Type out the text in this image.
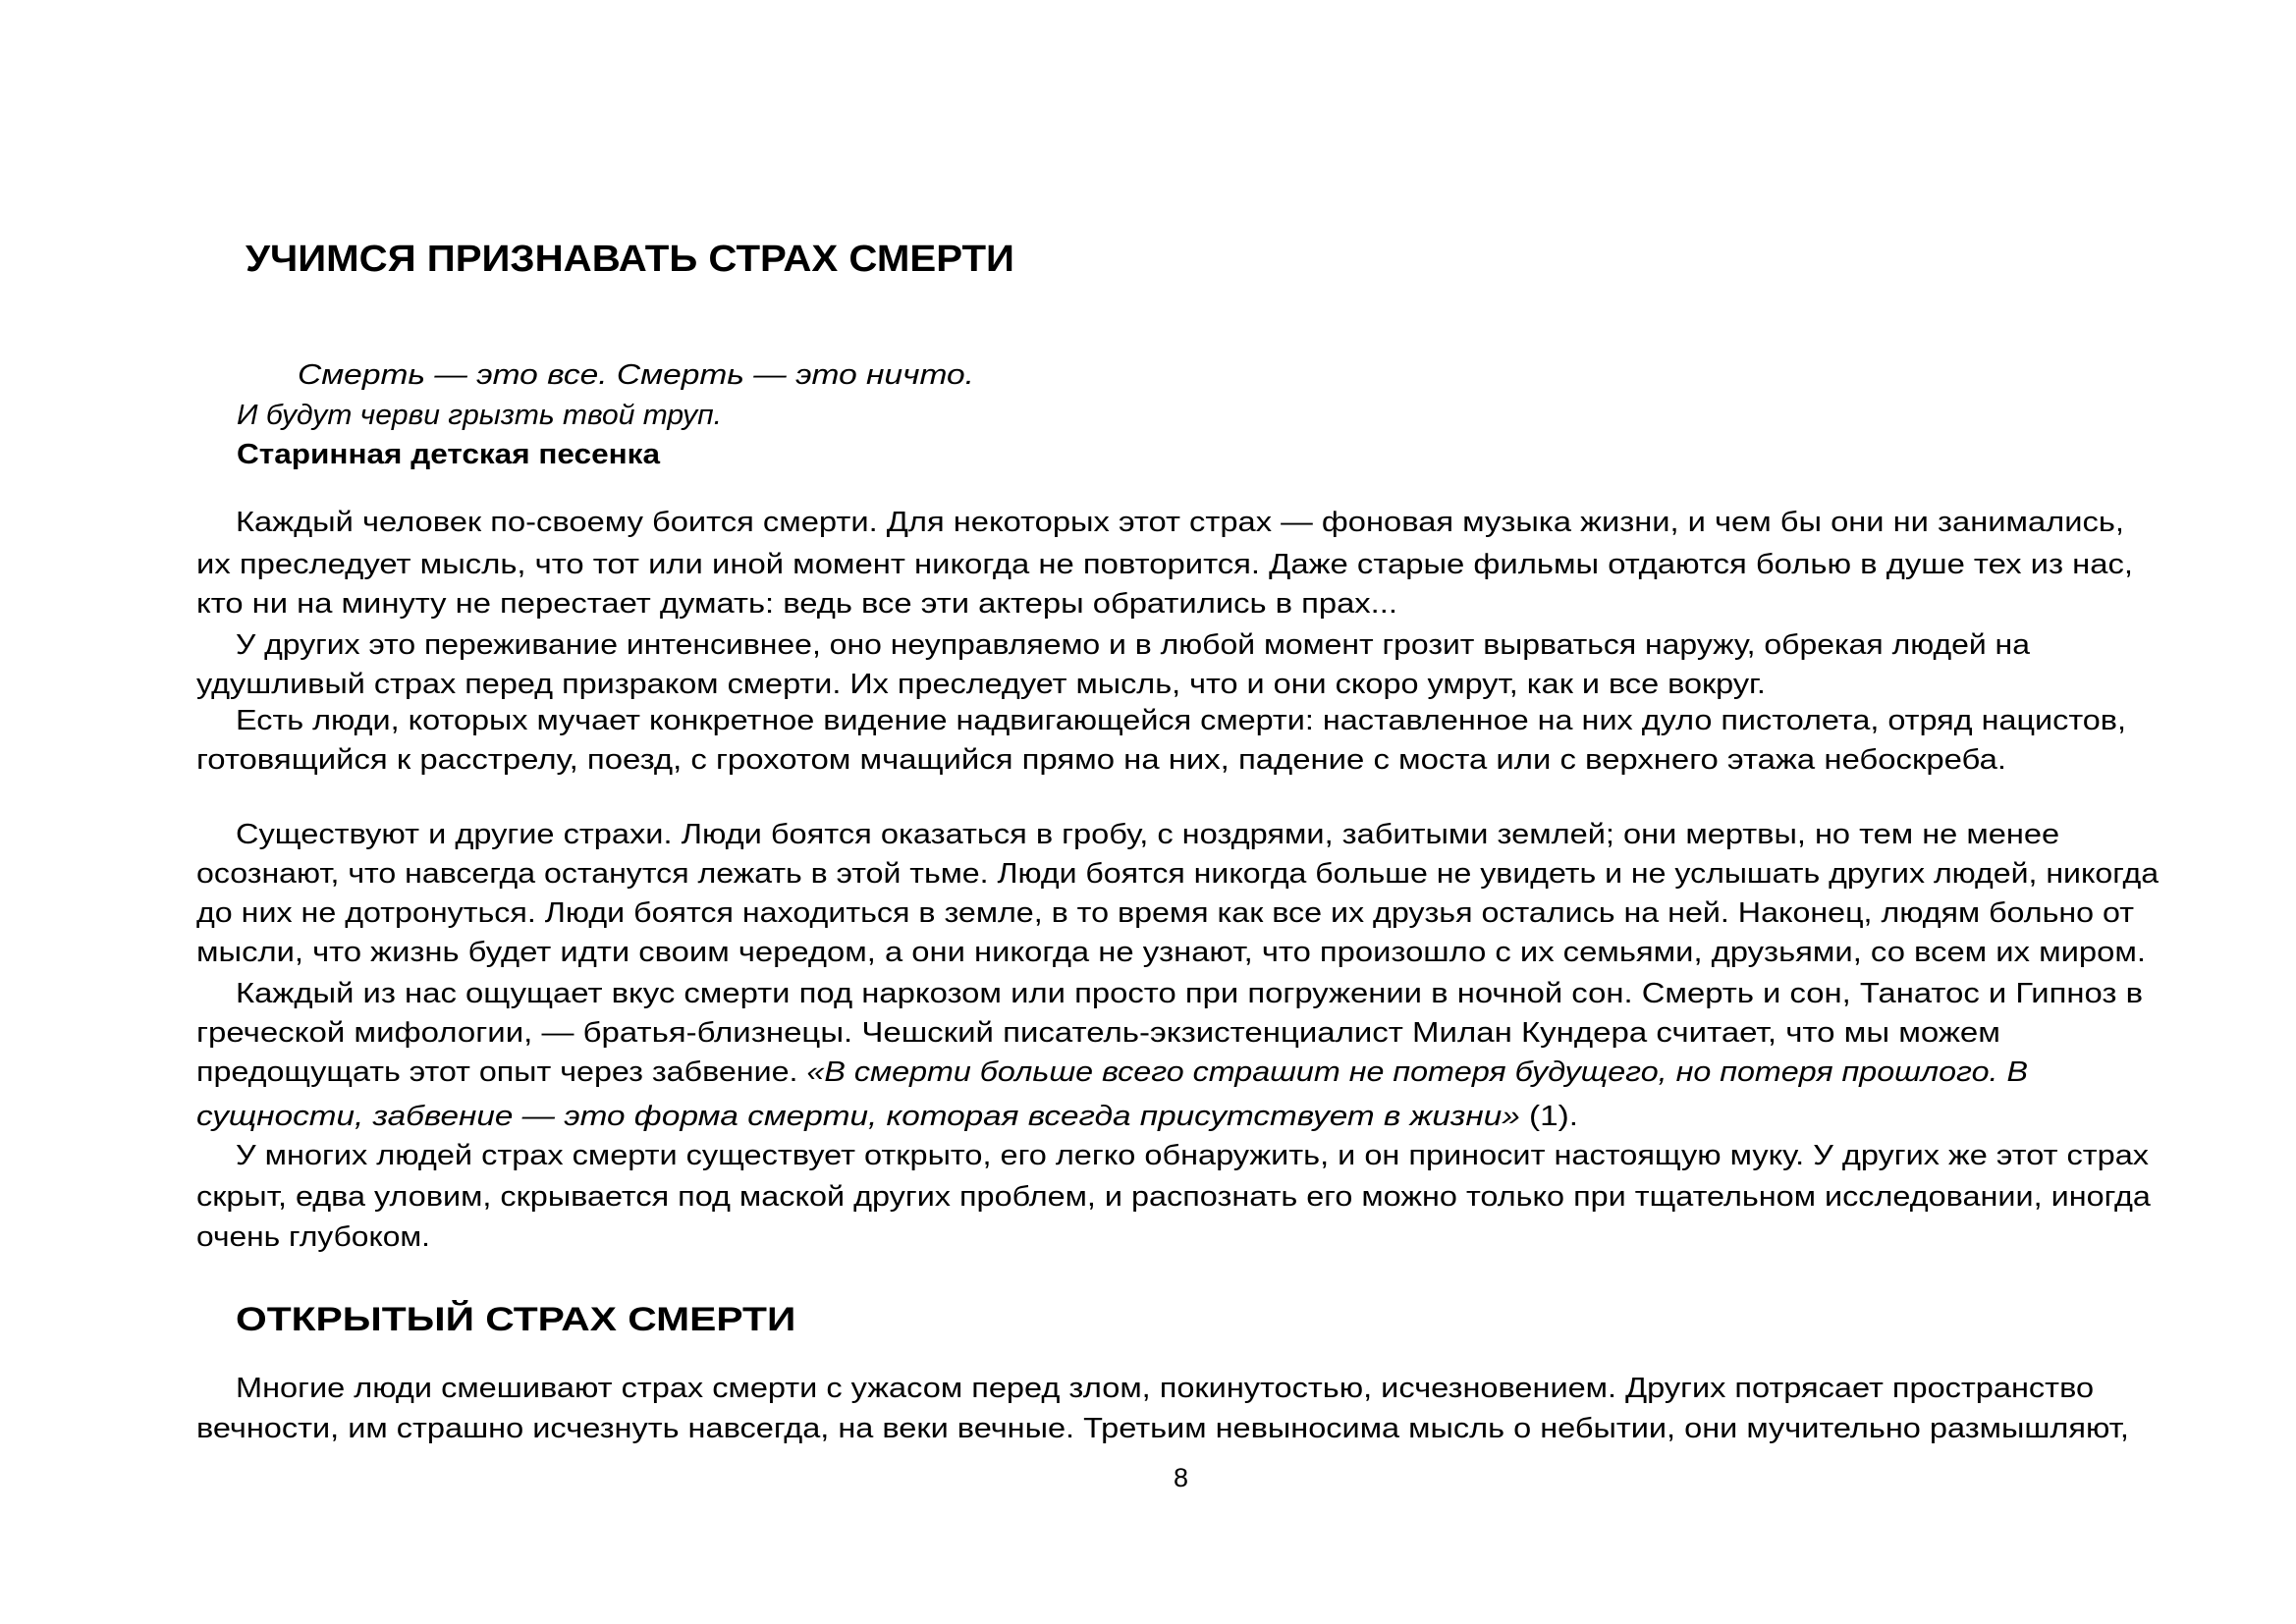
УЧИМСЯ ПРИЗНАВАТЬ СТРАХ СМЕРТИ
Смерть — это все. Смерть — это ничто.
И будут черви грызть твой труп.
Старинная детская песенка
Каждый человек по-своему боится смерти. Для некоторых этот страх — фоновая музыка жизни, и чем бы они ни занимались,
их преследует мысль, что тот или иной момент никогда не повторится. Даже старые фильмы отдаются болью в душе тех из нас,
кто ни на минуту не перестает думать: ведь все эти актеры обратились в прах...
У других это переживание интенсивнее, оно неуправляемо и в любой момент грозит вырваться наружу, обрекая людей на
удушливый страх перед призраком смерти. Их преследует мысль, что и они скоро умрут, как и все вокруг.
Есть люди, которых мучает конкретное видение надвигающейся смерти: наставленное на них дуло пистолета, отряд нацистов,
готовящийся к расстрелу, поезд, с грохотом мчащийся прямо на них, падение с моста или с верхнего этажа небоскреба.
Существуют и другие страхи. Люди боятся оказаться в гробу, с ноздрями, забитыми землей; они мертвы, но тем не менее
осознают, что навсегда останутся лежать в этой тьме. Люди боятся никогда больше не увидеть и не услышать других людей, никогда
до них не дотронуться. Люди боятся находиться в земле, в то время как все их друзья остались на ней. Наконец, людям больно от
мысли, что жизнь будет идти своим чередом, а они никогда не узнают, что произошло с их семьями, друзьями, со всем их миром.
Каждый из нас ощущает вкус смерти под наркозом или просто при погружении в ночной сон. Смерть и сон, Танатос и Гипноз в
греческой мифологии, — братья-близнецы. Чешский писатель-экзистенциалист Милан Кундера считает, что мы можем
предощущать этот опыт через забвение. «В смерти больше всего страшит не потеря будущего, но потеря прошлого. В
сущности, забвение — это форма смерти, которая всегда присутствует в жизни» (1).
У многих людей страх смерти существует открыто, его легко обнаружить, и он приносит настоящую муку. У других же этот страх
скрыт, едва уловим, скрывается под маской других проблем, и распознать его можно только при тщательном исследовании, иногда
очень глубоком.
ОТКРЫТЫЙ СТРАХ СМЕРТИ
Многие люди смешивают страх смерти с ужасом перед злом, покинутостью, исчезновением. Других потрясает пространство
вечности, им страшно исчезнуть навсегда, на веки вечные. Третьим невыносима мысль о небытии, они мучительно размышляют,
8
